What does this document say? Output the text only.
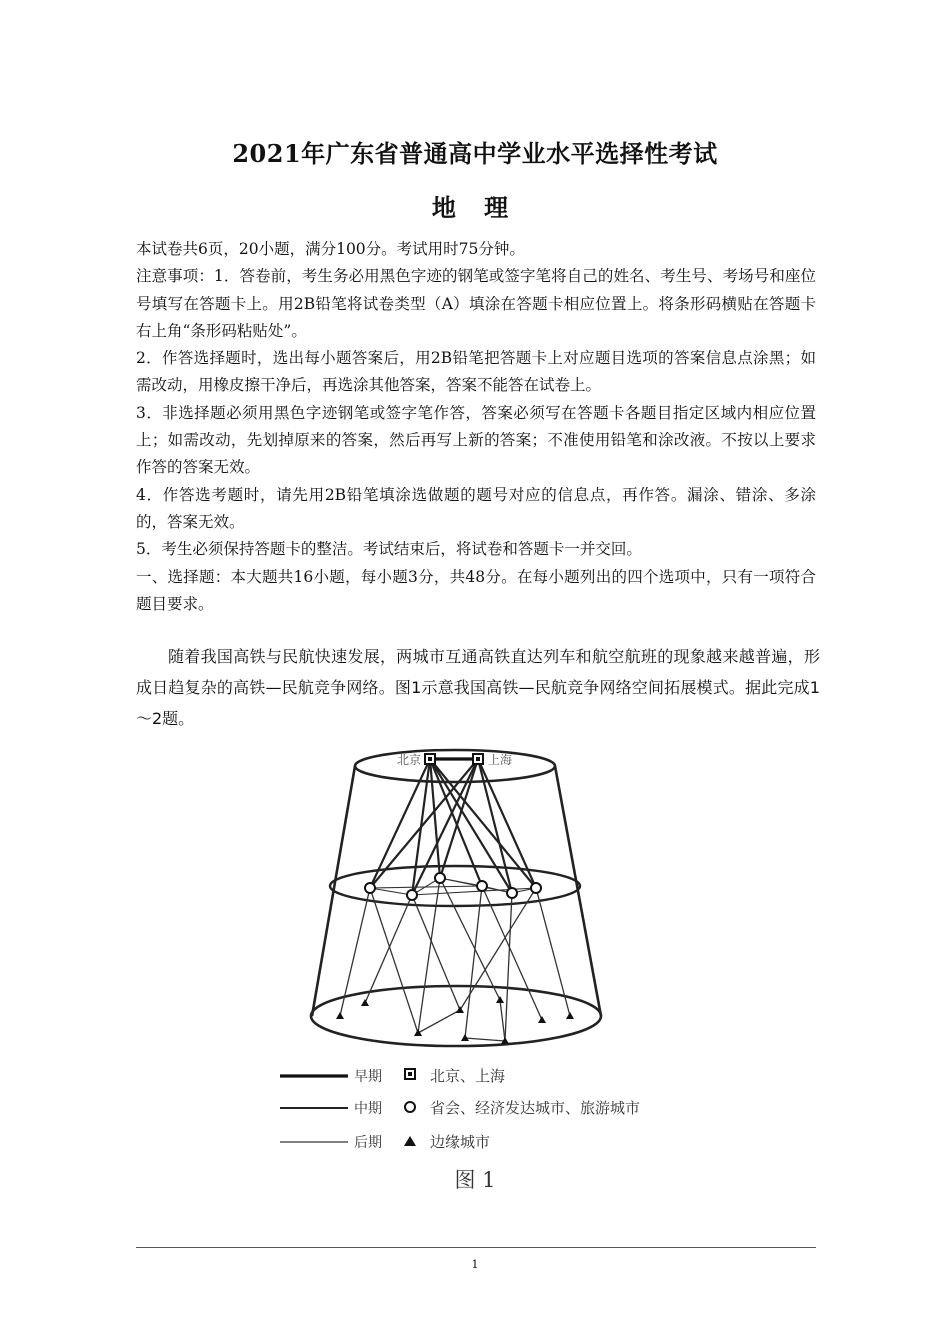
2021年广东省普通高中学业水平选择性考试
地 理

本试卷共6页，20小题，满分100分。考试用时75分钟。

注意事项：1．答卷前，考生务必用黑色字迹的钢笔或签字笔将自己的姓名、考生号、考场号和座位号填写在答题卡上。用2B铅笔将试卷类型（A）填涂在答题卡相应位置上。将条形码横贴在答题卡右上角“条形码粘贴处”。

2．作答选择题时，选出每小题答案后，用2B铅笔把答题卡上对应题目选项的答案信息点涂黑；如需改动，用橡皮擦干净后，再选涂其他答案，答案不能答在试卷上。

3．非选择题必须用黑色字迹钢笔或签字笔作答，答案必须写在答题卡各题目指定区域内相应位置上；如需改动，先划掉原来的答案，然后再写上新的答案；不准使用铅笔和涂改液。不按以上要求作答的答案无效。

4．作答选考题时，请先用2B铅笔填涂选做题的题号对应的信息点，再作答。漏涂、错涂、多涂的，答案无效。

5．考生必须保持答题卡的整洁。考试结束后，将试卷和答题卡一并交回。

一、选择题：本大题共16小题，每小题3分，共48分。在每小题列出的四个选项中，只有一项符合题目要求。

随着我国高铁与民航快速发展，两城市互通高铁直达列车和航空航班的现象越来越普遍，形成日趋复杂的高铁—民航竞争网络。图1示意我国高铁—民航竞争网络空间拓展模式。据此完成1～2题。
北京	上海
早期	北京、上海
中期	省会、经济发达城市、旅游城市
后期	边缘城市
图 1
1
